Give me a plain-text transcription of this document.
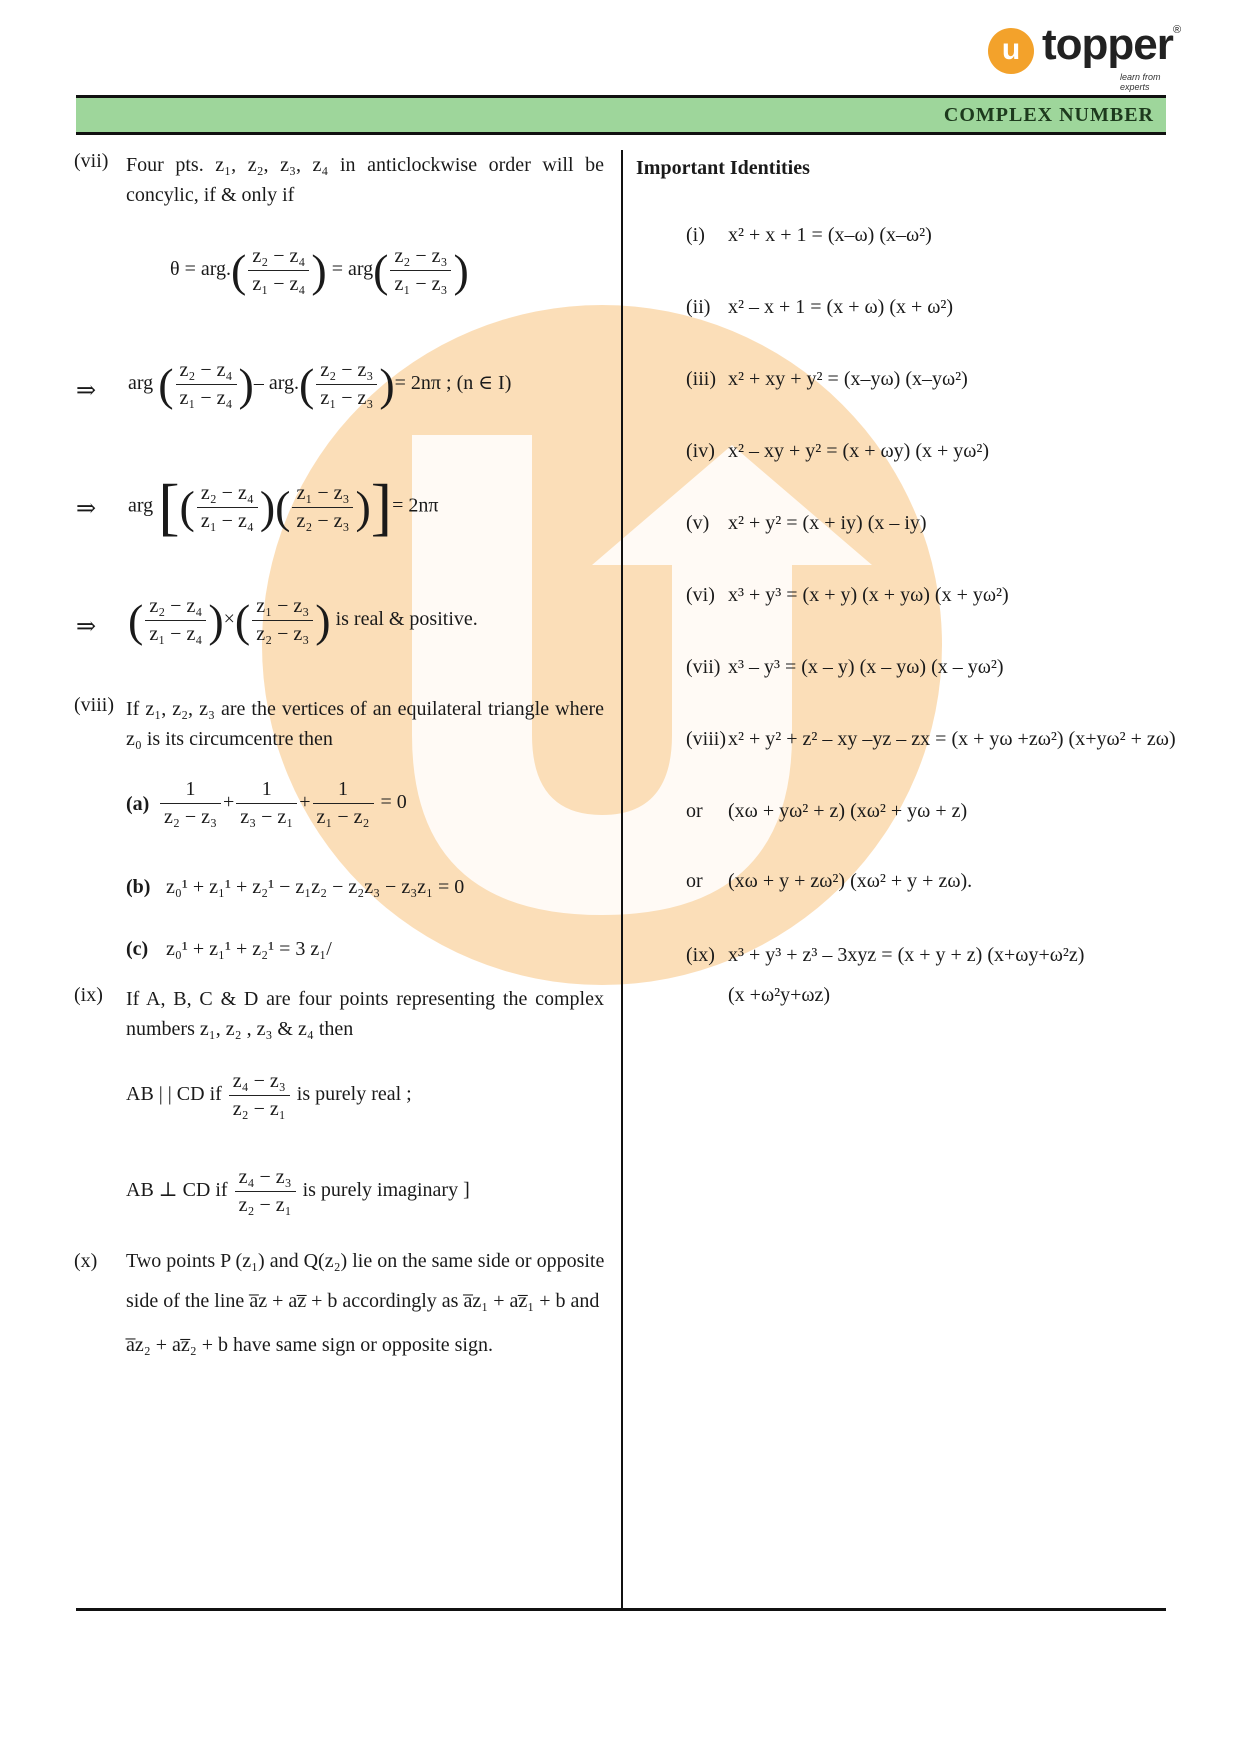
u topper ®
learn from experts
COMPLEX NUMBER
(vii) Four pts. z₁, z₂, z₃, z₄ in anticlockwise order will be concylic, if & only if
$\theta = arg.( \frac{\text{z₂ − z₄}}{\text{z₁ − z₄}}$ ) = $arg( \frac{\text{z₂ − z₃}}{\text{z₁ − z₃}}$ )
⇒ arg ( $\frac{\text{z₂ − z₄}}{\text{z₁ − z₄}}$ )– $arg.( \frac{\text{z₂ − z₃}}{\text{z₁ − z₃}}$ )= 2nπ ; (n ∈ I)
⇒ arg [( $\frac{\text{z₂ − z₄}}{\text{z₁ − z₄}}$ )( $\frac{\text{z₁ − z₃}}{\text{z₂ − z₃}}$ )]= 2nπ
⇒ ( $\frac{\text{z₂ − z₄}}{\text{z₁ − z₄}}$ )×( $\frac{\text{z₁ − z₃}}{\text{z₂ − z₃}}$ ) is real & positive.
(viii) If z₁, z₂, z₃ are the vertices of an equilateral triangle where z₀ is its circumcentre then
$(a) \frac{1}{\text{z₂ − z₃}} + \frac{1}{\text{z₃ − z₁}} + \frac{1}{\text{z₁ − z₂}} = 0$
(b) z₀¹ + z₁¹ + z₂¹ − z₁z₂ − z₂z₃ − z₃z₁ = 0
(c) z₀¹ + z₁¹ + z₂¹ = 3 z₁/
(ix) If A, B, C & D are four points representing the complex numbers z₁, z₂ , z₃ & z₄ then
AB | | CD if $\frac{\text{z₄ − z₃}}{\text{z₂ − z₁}}$ is purely real ;
AB ⊥ CD if $\frac{\text{z₄ − z₃}}{\text{z₂ − z₁}}$ is purely imaginary ]
(x) Two points P (z₁) and Q(z₂) lie on the same side or opposite
side of the line a̅z + az̅ + b accordingly as a̅z₁ + az̅₁ + b and
a̅z₂ + az̅₂ + b have same sign or opposite sign.
Important Identities
(i) x² + x + 1 = (x–ω) (x–ω²)
(ii) x² – x + 1 = (x + ω) (x + ω²)
(iii) x² + xy + y² = (x–yω) (x–yω²)
(iv) x² – xy + y² = (x + ωy) (x + yω²)
(v) x² + y² = (x + iy) (x – iy)
(vi) x³ + y³ = (x + y) (x + yω) (x + yω²)
(vii) x³ – y³ = (x – y) (x – yω) (x – yω²)
(viii) x² + y² + z² – xy –yz – zx = (x + yω +zω²) (x+yω² + zω)
or (xω + yω² + z) (xω² + yω + z)
or (xω + y + zω²) (xω² + y + zω).
(ix) x³ + y³ + z³ – 3xyz = (x + y + z) (x+ωy+ω²z)
(x +ω²y+ωz)
